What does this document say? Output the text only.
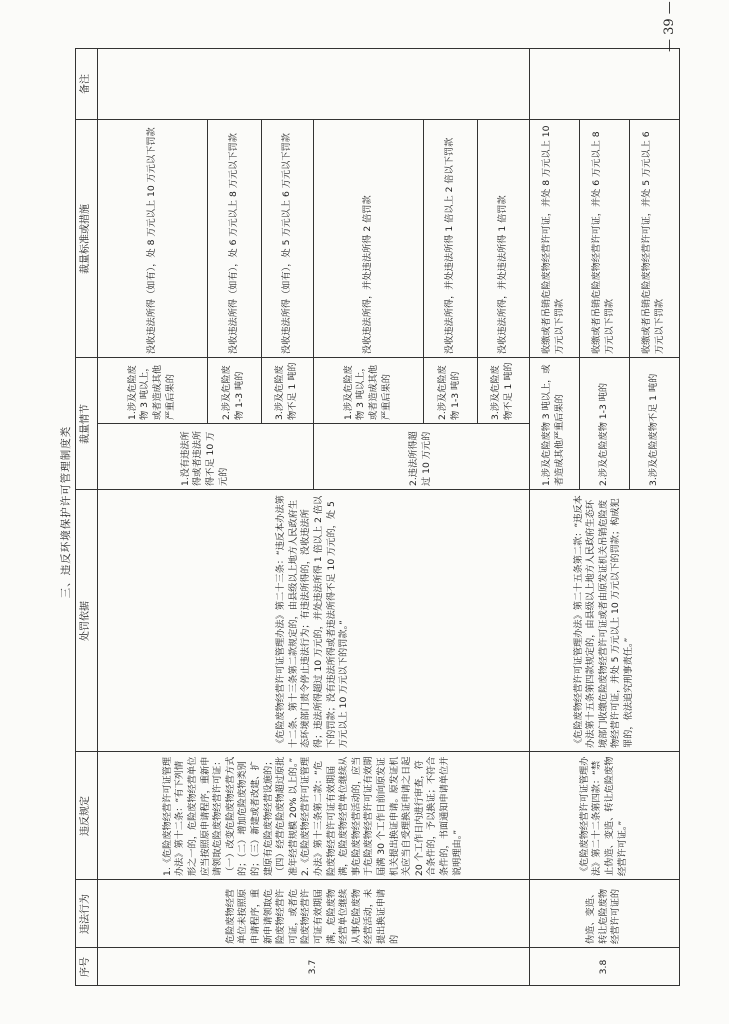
三、违反环境保护许可管理制度类
序号
违法行为
违反规定
处罚依据
裁量情节
裁量标准或措施
备注
3.7
危险废物经营单位未按照原申请程序，重新申请领取危险废物经营许可证，或者危险废物经营许可证有效期届满，危险废物经营单位继续从事危险废物经营活动，未提出换证申请的
1.《危险废物经营许可证管理办法》第十二条：“有下列情形之一的，危险废物经营单位应当按照原申请程序，重新申请领取危险废物经营许可证：（一）改变危险废物经营方式的；（二）增加危险废物类别的；（三）新建或者改建、扩建原有危险废物经营设施的；（四）经营危险废物超过原批准年经营规模 20% 以上的。”
2.《危险废物经营许可证管理办法》第十三条第二款：“危险废物经营许可证有效期届满，危险废物经营单位继续从事危险废物经营活动的，应当于危险废物经营许可证有效期届满 30 个工作日前向原发证机关提出换证申请。原发证机关应当自受理换证申请之日起 20 个工作日内进行审查，符合条件的，予以换证；不符合条件的，书面通知申请单位并说明理由。”
《危险废物经营许可证管理办法》第二十三条：“违反本办法第十二条、第十三条第二款规定的，由县级以上地方人民政府生态环境部门责令停止违法行为；有违法所得的，没收违法所得；违法所得超过 10 万元的，并处违法所得 1 倍以上 2 倍以下的罚款；没有违法所得或者违法所得不足 10 万元的，处 5 万元以上 10 万元以下的罚款。”
1.没有违法所得或者违法所得不足 10 万元的
1.涉及危险废物 3 吨以上，或者造成其他严重后果的
没收违法所得（如有），处 8 万元以上 10 万元以下罚款
2.涉及危险废物 1-3 吨的
没收违法所得（如有），处 6 万元以上 8 万元以下罚款
3.涉及危险废物不足 1 吨的
没收违法所得（如有），处 5 万元以上 6 万元以下罚款
2.违法所得超过 10 万元的
1.涉及危险废物 3 吨以上，或者造成其他严重后果的
没收违法所得，并处违法所得 2 倍罚款
2.涉及危险废物 1-3 吨的
没收违法所得，并处违法所得 1 倍以上 2 倍以下罚款
3.涉及危险废物不足 1 吨的
没收违法所得，并处违法所得 1 倍罚款
3.8
伪造、变造、转让危险废物经营许可证的
《危险废物经营许可证管理办法》第二十二条第四款：“禁止伪造、变造、转让危险废物经营许可证。”
《危险废物经营许可证管理办法》第二十五条第二款：“违反本办法第十五条第四款规定的，由县级以上地方人民政府生态环境部门收缴危险废物经营许可证或者由原发证机关吊销危险废物经营许可证，并处 5 万元以上 10 万元以下的罚款；构成犯罪的，依法追究刑事责任。”
1.涉及危险废物 3 吨以上，或者造成其他严重后果的
收缴或者吊销危险废物经营许可证，并处 8 万元以上 10 万元以下罚款
2.涉及危险废物 1-3 吨的
收缴或者吊销危险废物经营许可证，并处 6 万元以上 8 万元以下罚款
3.涉及危险废物不足 1 吨的
收缴或者吊销危险废物经营许可证，并处 5 万元以上 6 万元以下罚款
— 39 —
